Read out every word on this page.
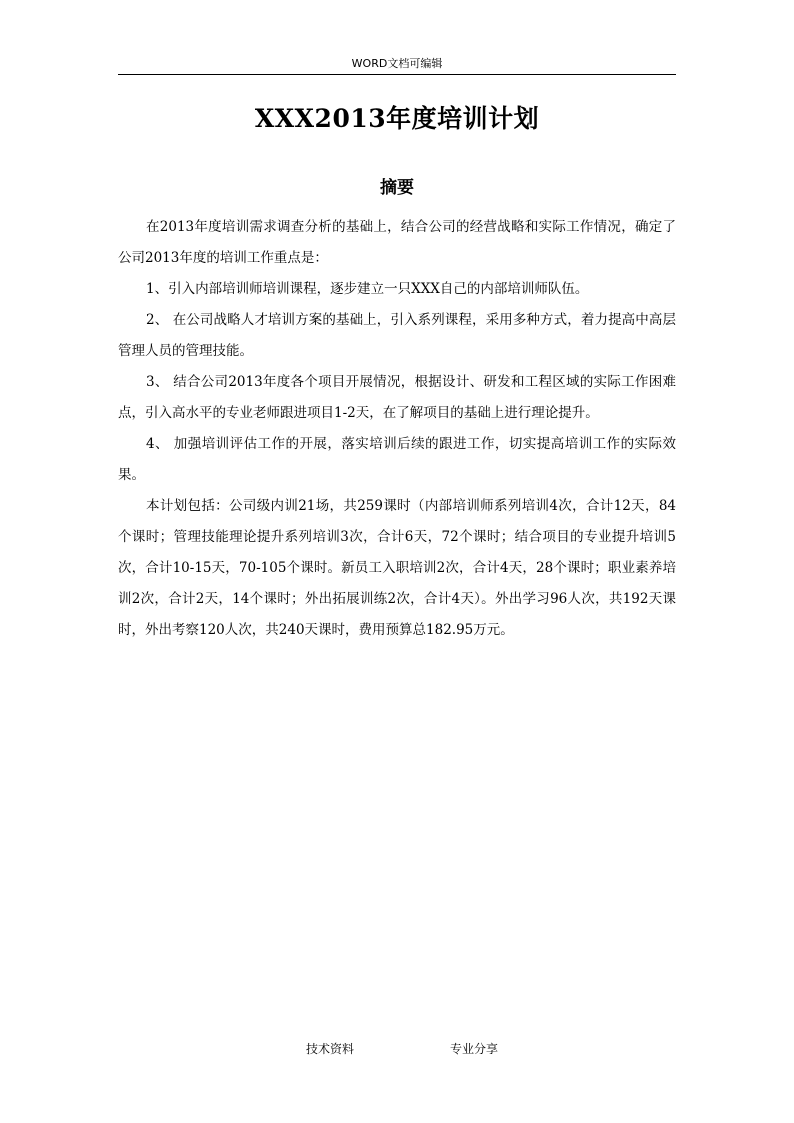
WORD文档可编辑
XXX2013年度培训计划
摘要

在2013年度培训需求调查分析的基础上，结合公司的经营战略和实际工作情况，确定了公司2013年度的培训工作重点是：

1、引入内部培训师培训课程，逐步建立一只XXX自己的内部培训师队伍。

2、 在公司战略人才培训方案的基础上，引入系列课程，采用多种方式，着力提高中高层管理人员的管理技能。

3、 结合公司2013年度各个项目开展情况，根据设计、研发和工程区域的实际工作困难点，引入高水平的专业老师跟进项目1-2天，在了解项目的基础上进行理论提升。

4、 加强培训评估工作的开展，落实培训后续的跟进工作，切实提高培训工作的实际效果。

本计划包括：公司级内训21场，共259课时（内部培训师系列培训4次，合计12天，84个课时；管理技能理论提升系列培训3次，合计6天，72个课时；结合项目的专业提升培训5次，合计10-15天，70-105个课时。新员工入职培训2次，合计4天，28个课时；职业素养培训2次，合计2天，14个课时；外出拓展训练2次，合计4天）。外出学习96人次，共192天课时，外出考察120人次，共240天课时，费用预算总182.95万元。

技术资料	专业分享
